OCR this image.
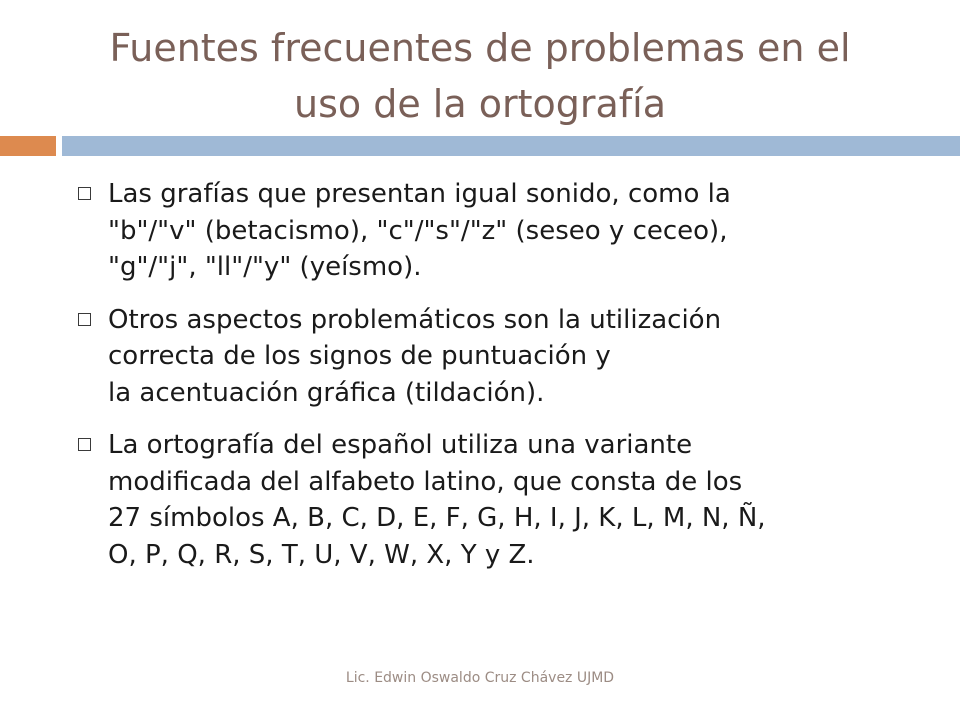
Fuentes frecuentes de problemas en el
uso de la ortografía
Las grafías que presentan igual sonido, como la
"b"/"v" (betacismo), "c"/"s"/"z" (seseo y ceceo),
"g"/"j", "ll"/"y" (yeísmo).
Otros aspectos problemáticos son la utilización
correcta de los signos de puntuación y
la acentuación gráfica (tildación).
La ortografía del español utiliza una variante
modificada del alfabeto latino, que consta de los
27 símbolos A, B, C, D, E, F, G, H, I, J, K, L, M, N, Ñ,
O, P, Q, R, S, T, U, V, W, X, Y y Z.
Lic. Edwin Oswaldo Cruz Chávez UJMD
